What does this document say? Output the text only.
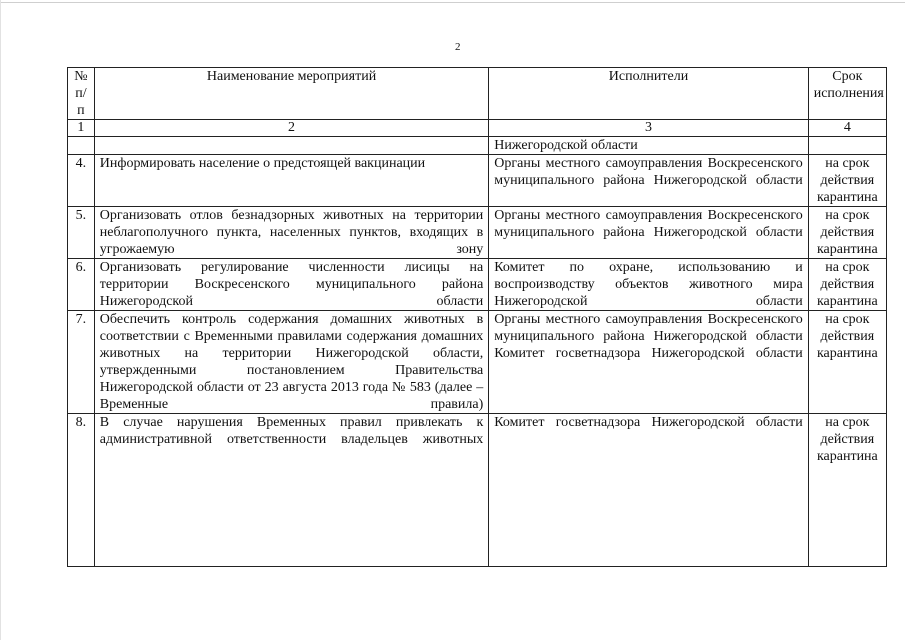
2
№ п/п	Наименование мероприятий	Исполнители	Срок исполнения
1	2	3	4
		Нижегородской области	
4.	Информировать население о предстоящей вакцинации	Органы местного самоуправления Воскресенского муниципального района Нижегородской области	на срок действия карантина
5.	Организовать отлов безнадзорных животных на территории неблагополучного пункта, населенных пунктов, входящих в угрожаемую зону	Органы местного самоуправления Воскресенского муниципального района Нижегородской области	на срок действия карантина
6.	Организовать регулирование численности лисицы на территории Воскресенского муниципального района Нижегородской области	Комитет по охране, использованию и воспроизводству объектов животного мира Нижегородской области	на срок действия карантина
7.	Обеспечить контроль содержания домашних животных в соответствии с Временными правилами содержания домашних животных на территории Нижегородской области, утвержденными постановлением Правительства Нижегородской области от 23 августа 2013 года № 583 (далее – Временные правила)	Органы местного самоуправления Воскресенского муниципального района Нижегородской области Комитет госветнадзора Нижегородской области	на срок действия карантина
8.	В случае нарушения Временных правил привлекать к административной ответственности владельцев животных	Комитет госветнадзора Нижегородской области	на срок действия карантина
